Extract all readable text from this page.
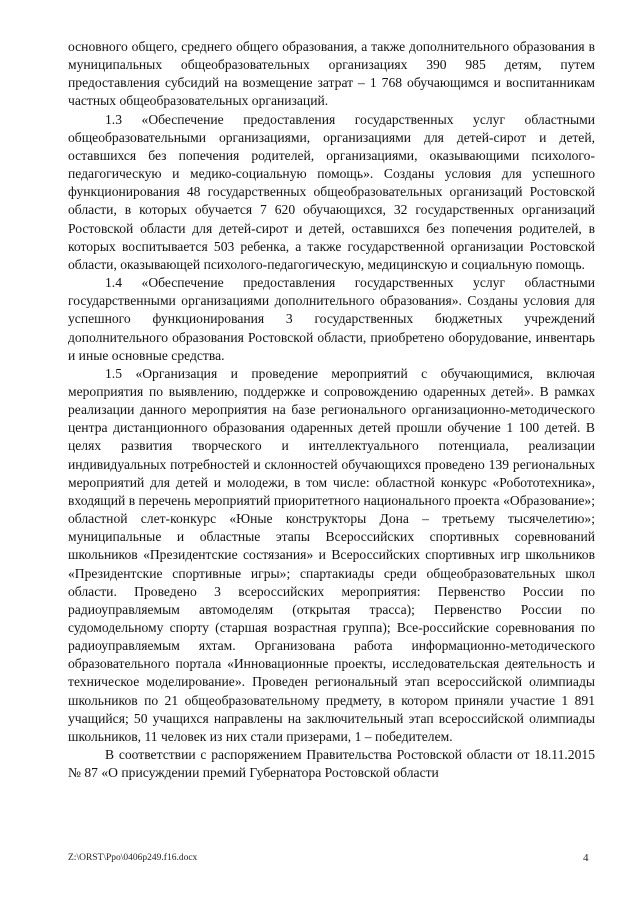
основного общего, среднего общего образования, а также дополнительного образования в муниципальных общеобразовательных организациях 390 985 детям, путем предоставления субсидий на возмещение затрат – 1 768 обучающимся и воспитанникам частных общеобразовательных организаций.

1.3 «Обеспечение предоставления государственных услуг областными общеобразовательными организациями, организациями для детей-сирот и детей, оставшихся без попечения родителей, организациями, оказывающими психолого-педагогическую и медико-социальную помощь». Созданы условия для успешного функционирования 48 государственных общеобразовательных организаций Ростовской области, в которых обучается 7 620 обучающихся, 32 государственных организаций Ростовской области для детей-сирот и детей, оставшихся без попечения родителей, в которых воспитывается 503 ребенка, а также государственной организации Ростовской области, оказывающей психолого-педагогическую, медицинскую и социальную помощь.

1.4 «Обеспечение предоставления государственных услуг областными государственными организациями дополнительного образования». Созданы условия для успешного функционирования 3 государственных бюджетных учреждений дополнительного образования Ростовской области, приобретено оборудование, инвентарь и иные основные средства.

1.5 «Организация и проведение мероприятий с обучающимися, включая мероприятия по выявлению, поддержке и сопровождению одаренных детей». В рамках реализации данного мероприятия на базе регионального организационно-методического центра дистанционного образования одаренных детей прошли обучение 1 100 детей. В целях развития творческого и интеллектуального потенциала, реализации индивидуальных потребностей и склонностей обучающихся проведено 139 региональных мероприятий для детей и молодежи, в том числе: областной конкурс «Робототехника», входящий в перечень мероприятий приоритетного национального проекта «Образование»; областной слет-конкурс «Юные конструкторы Дона – третьему тысячелетию»; муниципальные и областные этапы Всероссийских спортивных соревнований школьников «Президентские состязания» и Всероссийских спортивных игр школьников «Президентские спортивные игры»; спартакиады среди общеобразовательных школ области. Проведено 3 всероссийских мероприятия: Первенство России по радиоуправляемым автомоделям (открытая трасса); Первенство России по судомодельному спорту (старшая возрастная группа); Все-российские соревнования по радиоуправляемым яхтам. Организована работа информационно-методического образовательного портала «Инновационные проекты, исследовательская деятельность и техническое моделирование». Проведен региональный этап всероссийской олимпиады школьников по 21 общеобразовательному предмету, в котором приняли участие 1 891 учащийся; 50 учащихся направлены на заключительный этап всероссийской олимпиады школьников, 11 человек из них стали призерами, 1 – победителем.

В соответствии с распоряжением Правительства Ростовской области от 18.11.2015 № 87 «О присуждении премий Губернатора Ростовской области

Z:\ORST\Ppo\0406p249.f16.docx	4
